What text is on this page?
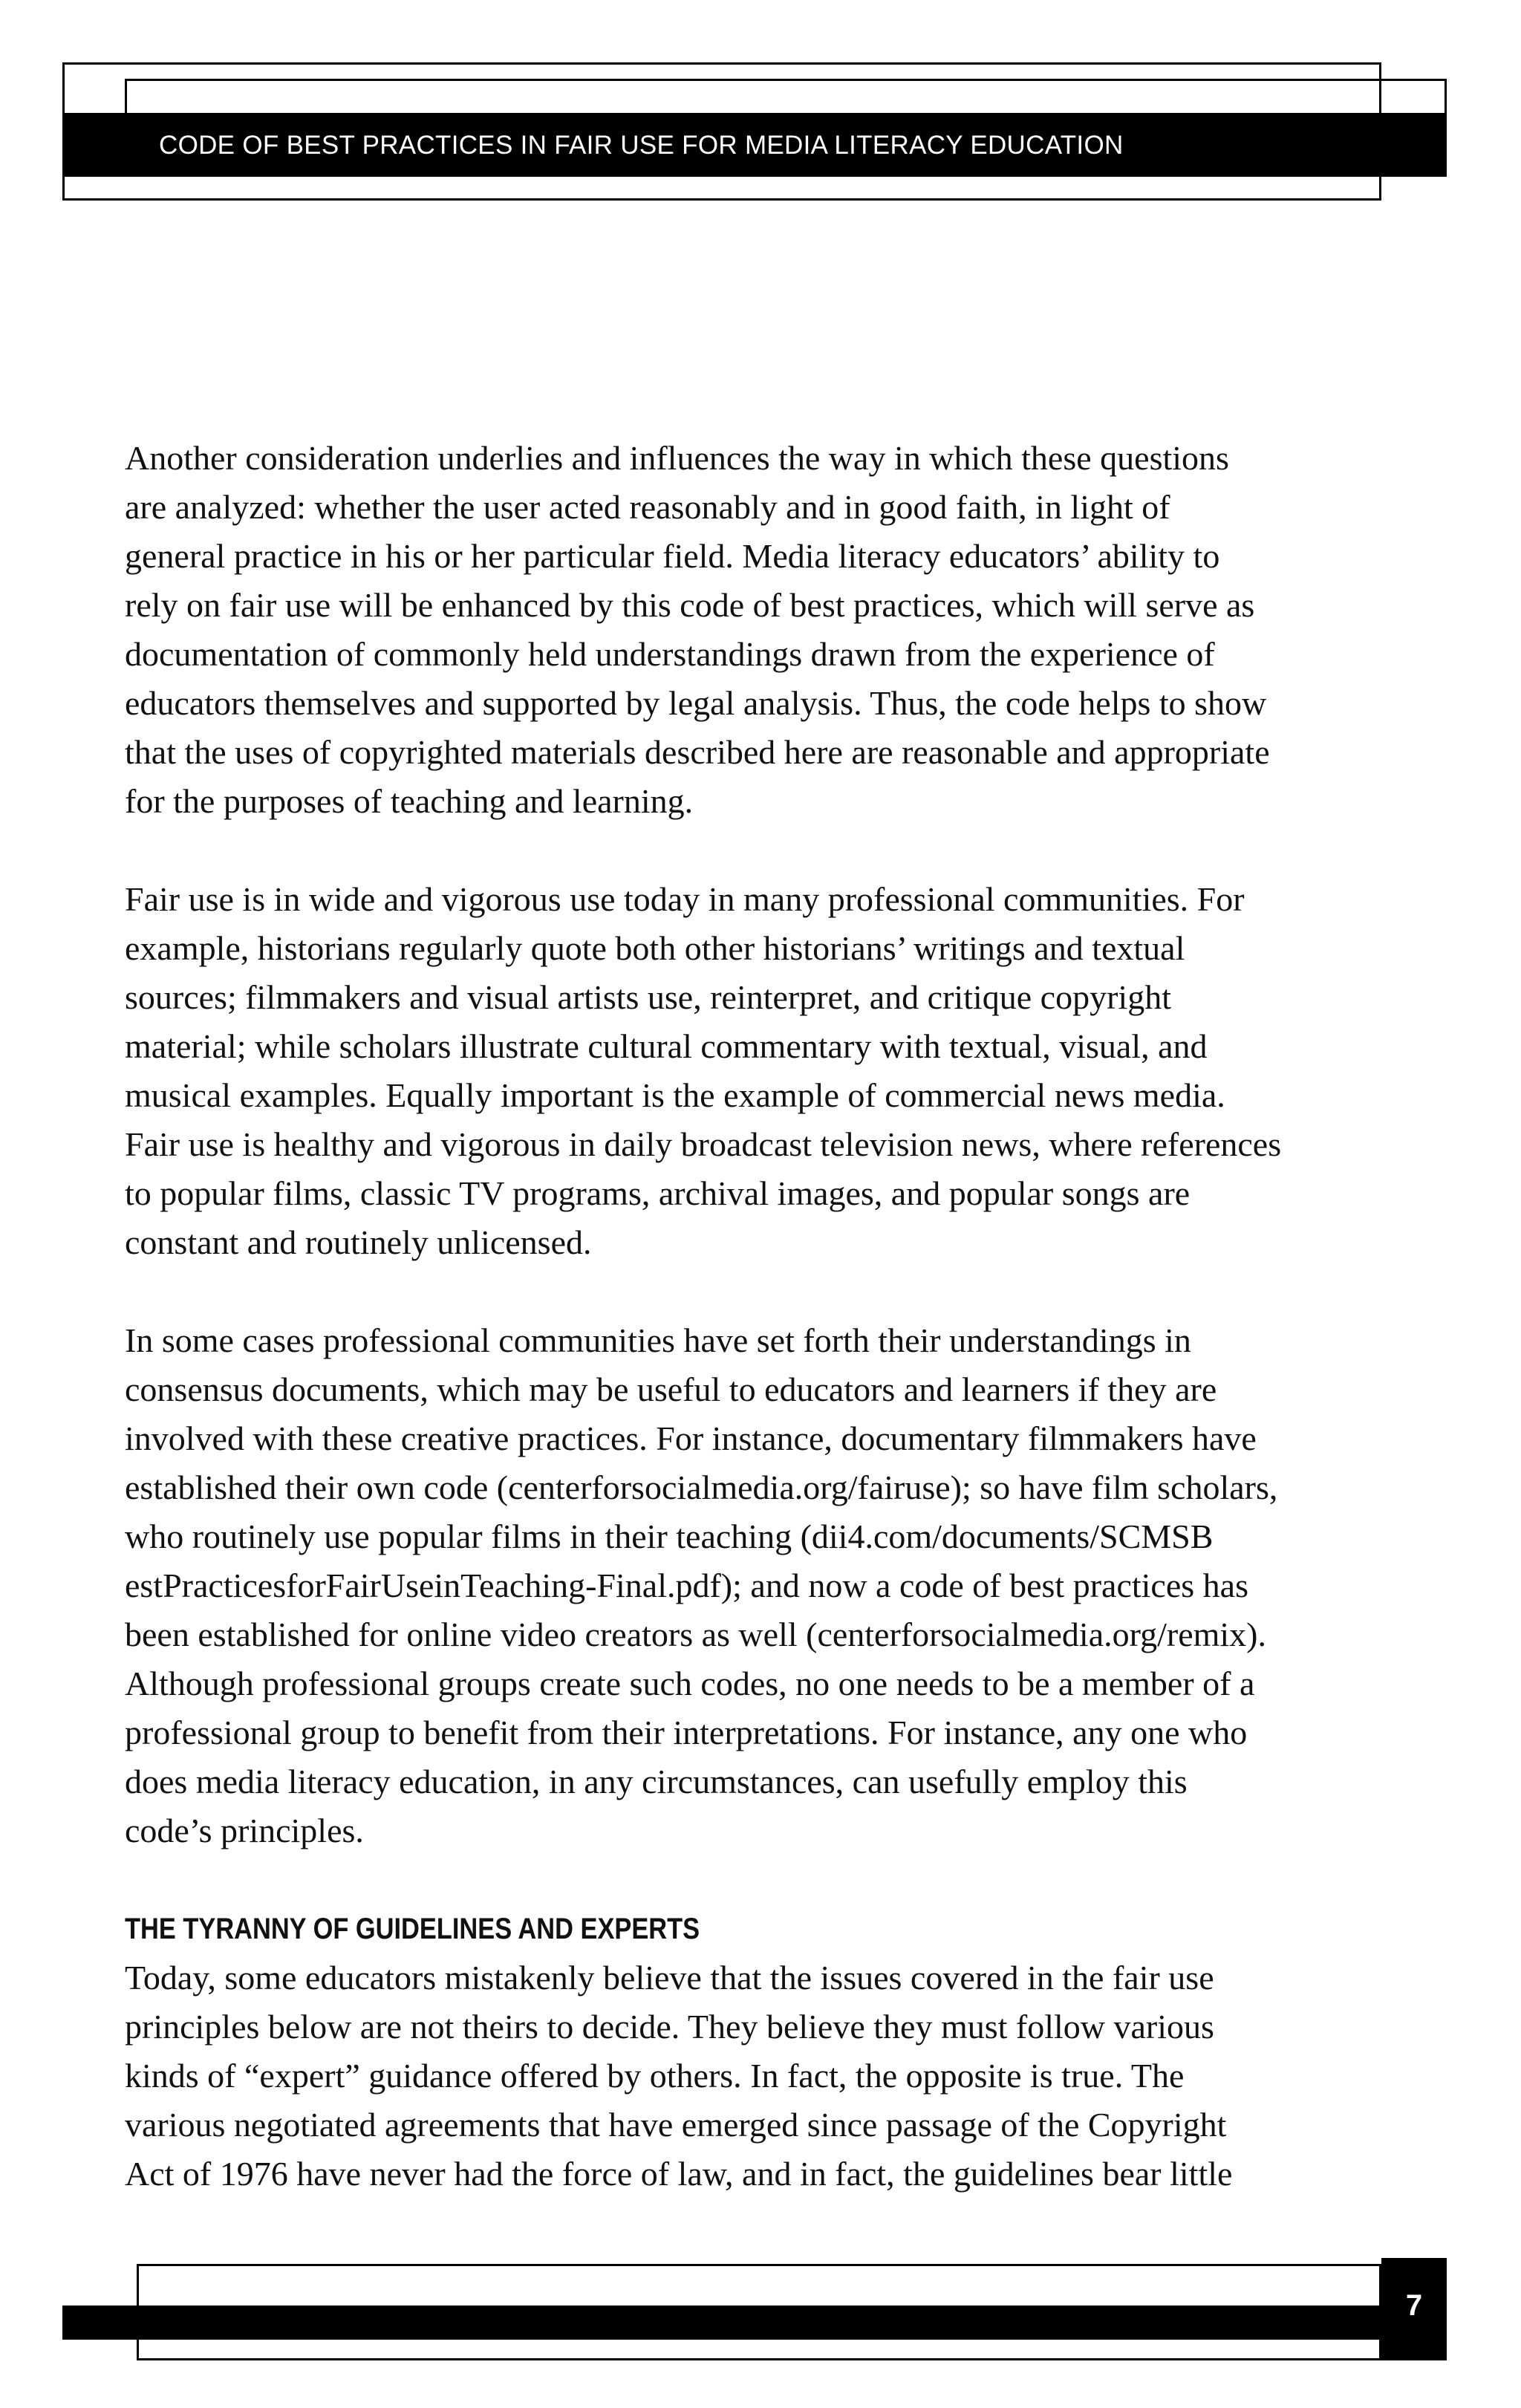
CODE OF BEST PRACTICES IN FAIR USE FOR MEDIA LITERACY EDUCATION

Another consideration underlies and influences the way in which these questions
are analyzed: whether the user acted reasonably and in good faith, in light of
general practice in his or her particular field. Media literacy educators’ ability to
rely on fair use will be enhanced by this code of best practices, which will serve as
documentation of commonly held understandings drawn from the experience of
educators themselves and supported by legal analysis. Thus, the code helps to show
that the uses of copyrighted materials described here are reasonable and appropriate
for the purposes of teaching and learning.

Fair use is in wide and vigorous use today in many professional communities. For
example, historians regularly quote both other historians’ writings and textual
sources; filmmakers and visual artists use, reinterpret, and critique copyright
material; while scholars illustrate cultural commentary with textual, visual, and
musical examples. Equally important is the example of commercial news media.
Fair use is healthy and vigorous in daily broadcast television news, where references
to popular films, classic TV programs, archival images, and popular songs are
constant and routinely unlicensed.

In some cases professional communities have set forth their understandings in
consensus documents, which may be useful to educators and learners if they are
involved with these creative practices. For instance, documentary filmmakers have
established their own code (centerforsocialmedia.org/fairuse); so have film scholars,
who routinely use popular films in their teaching (dii4.com/documents/SCMSB
estPracticesforFairUseinTeaching-Final.pdf); and now a code of best practices has
been established for online video creators as well (centerforsocialmedia.org/remix).
Although professional groups create such codes, no one needs to be a member of a
professional group to benefit from their interpretations. For instance, any one who
does media literacy education, in any circumstances, can usefully employ this
code’s principles.

THE TYRANNY OF GUIDELINES AND EXPERTS

Today, some educators mistakenly believe that the issues covered in the fair use
principles below are not theirs to decide. They believe they must follow various
kinds of “expert” guidance offered by others. In fact, the opposite is true. The
various negotiated agreements that have emerged since passage of the Copyright
Act of 1976 have never had the force of law, and in fact, the guidelines bear little

7
